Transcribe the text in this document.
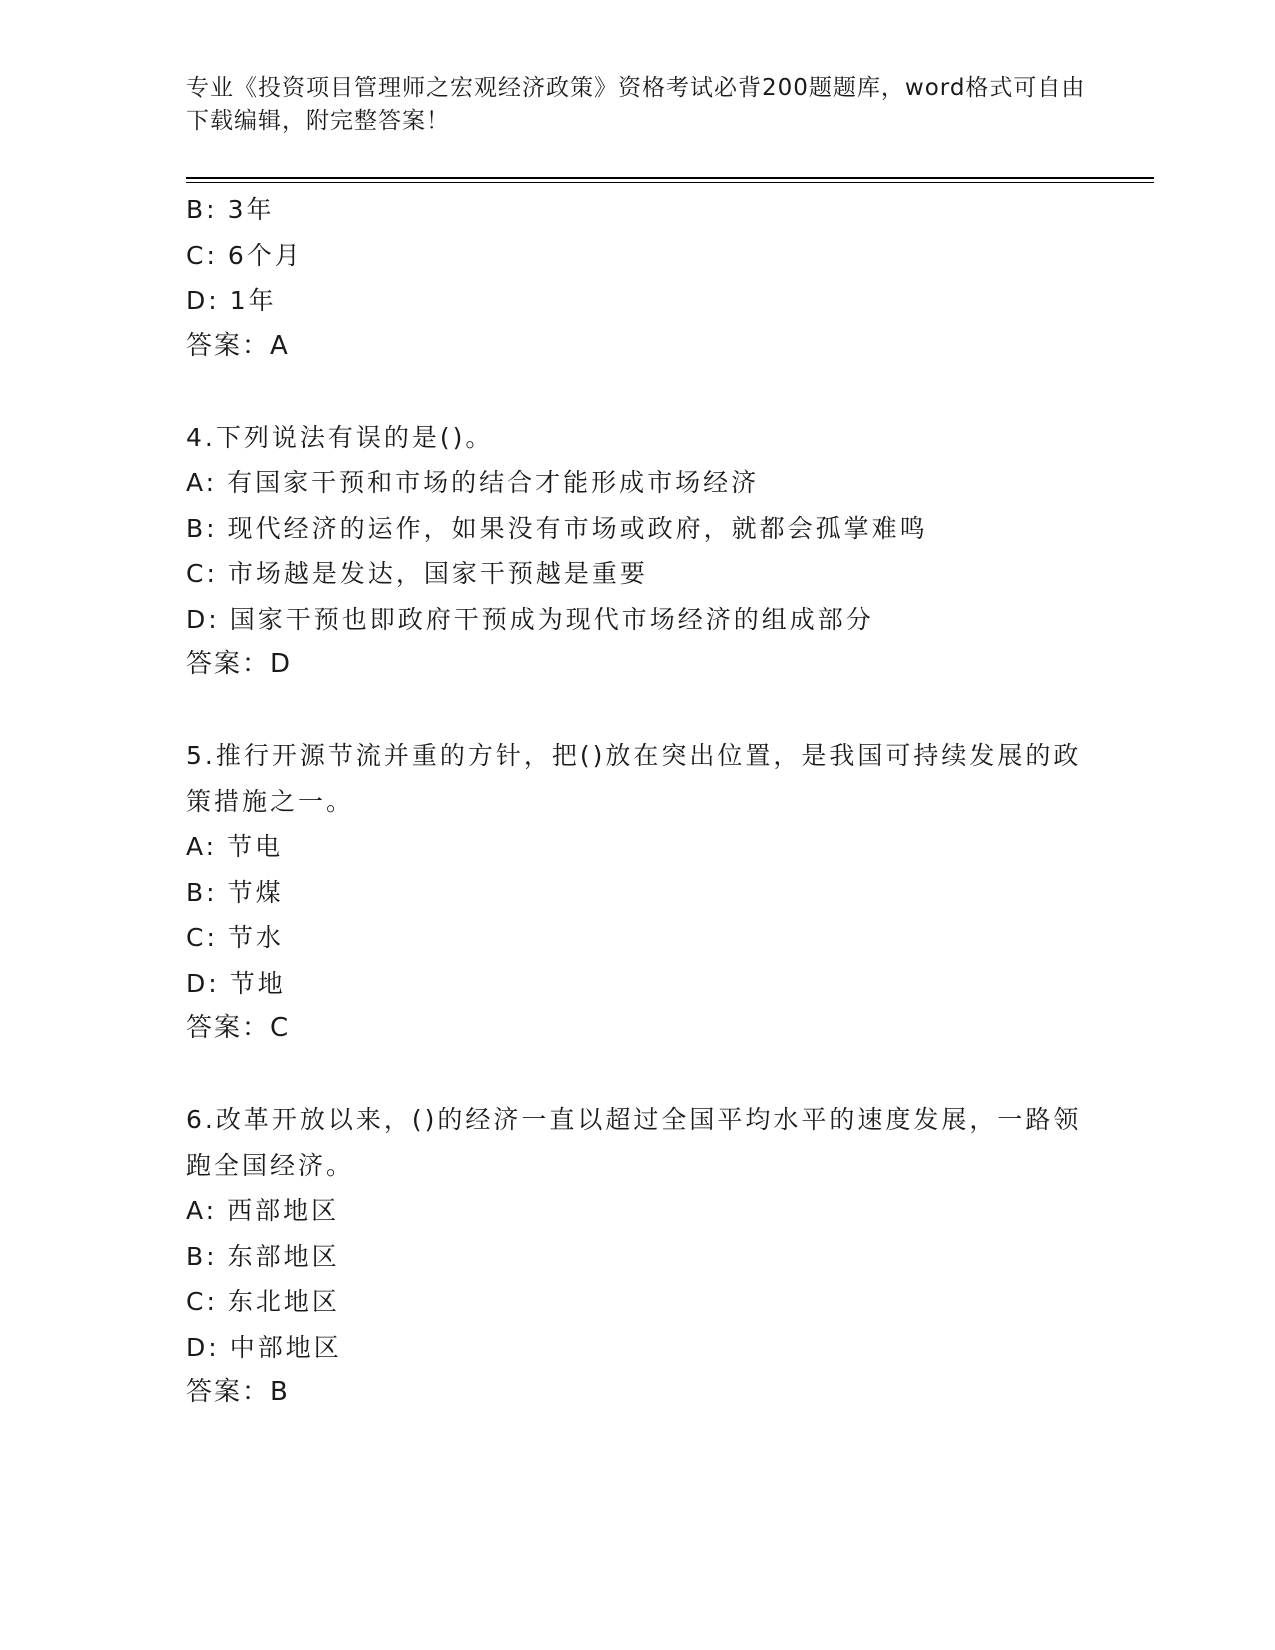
专业《投资项目管理师之宏观经济政策》资格考试必背200题题库，word格式可自由下载编辑，附完整答案！
B: 3年
C: 6个月
D: 1年
答案：A
4.下列说法有误的是()。
A: 有国家干预和市场的结合才能形成市场经济
B: 现代经济的运作，如果没有市场或政府，就都会孤掌难鸣
C: 市场越是发达，国家干预越是重要
D: 国家干预也即政府干预成为现代市场经济的组成部分
答案：D
5.推行开源节流并重的方针，把()放在突出位置，是我国可持续发展的政策措施之一。
A: 节电
B: 节煤
C: 节水
D: 节地
答案：C
6.改革开放以来，()的经济一直以超过全国平均水平的速度发展，一路领跑全国经济。
A: 西部地区
B: 东部地区
C: 东北地区
D: 中部地区
答案：B
